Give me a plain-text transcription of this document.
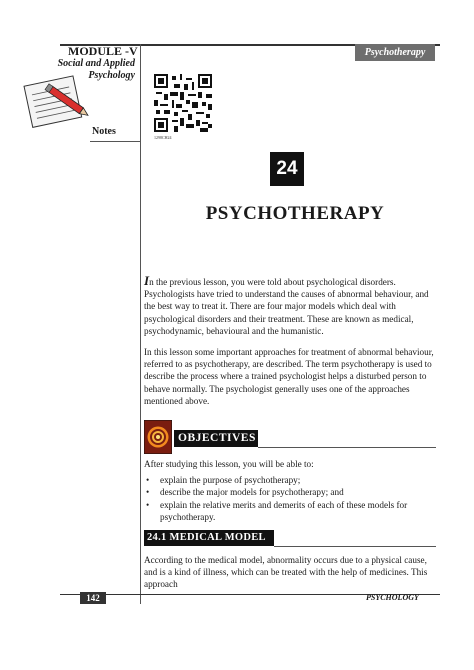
Psychotherapy
MODULE -V
Social and Applied Psychology
Notes
1298CH24
24
PSYCHOTHERAPY

In the previous lesson, you were told about psychological disorders. Psychologists have tried to understand the causes of abnormal behaviour, and the best way to treat it. There are four major models which deal with psychological disorders and their treatment. These are known as medical, psychodynamic, behavioural and the humanistic.

In this lesson some important approaches for treatment of abnormal behaviour, referred to as psychotherapy, are described. The term psychotherapy is used to describe the process where a trained psychologist helps a disturbed person to behave normally. The psychologist generally uses one of the approaches mentioned above.

OBJECTIVES

After studying this lesson, you will be able to:

• explain the purpose of psychotherapy;
• describe the major models for psychotherapy; and
• explain the relative merits and demerits of each of these models for psychotherapy.
24.1 MEDICAL MODEL

According to the medical model, abnormality occurs due to a physical cause, and is a kind of illness, which can be treated with the help of medicines. This approach

142	PSYCHOLOGY
